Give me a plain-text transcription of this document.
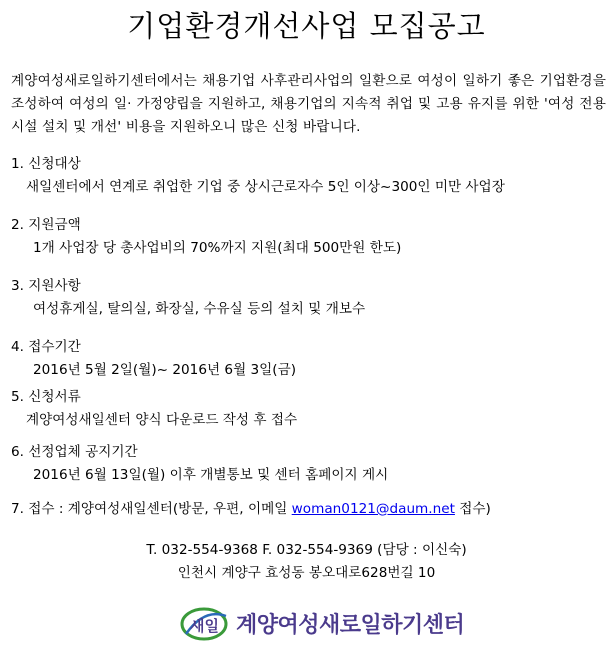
기업환경개선사업 모집공고
계양여성새로일하기센터에서는 채용기업 사후관리사업의 일환으로 여성이 일하기 좋은 기업환경을 조성하여 여성의 일· 가정양립을 지원하고, 채용기업의 지속적 취업 및 고용 유지를 위한 '여성 전용시설 설치 및 개선' 비용을 지원하오니 많은 신청 바랍니다.
1. 신청대상
새일센터에서 연계로 취업한 기업 중 상시근로자수 5인 이상~300인 미만 사업장
2. 지원금액
1개 사업장 당 총사업비의 70%까지 지원(최대 500만원 한도)
3. 지원사항
여성휴게실, 탈의실, 화장실, 수유실 등의 설치 및 개보수
4. 접수기간
2016년 5월 2일(월)~ 2016년 6월 3일(금)
5. 신청서류
계양여성새일센터 양식 다운로드 작성 후 접수
6. 선정업체 공지기간
2016년 6월 13일(월) 이후 개별통보 및 센터 홈페이지 게시
7. 접수 : 계양여성새일센터(방문, 우편, 이메일 woman0121@daum.net 접수)
T. 032-554-9368 F. 032-554-9369 (담당 : 이신숙)
인천시 계양구 효성동 봉오대로628번길 10
새일 계양여성새로일하기센터
